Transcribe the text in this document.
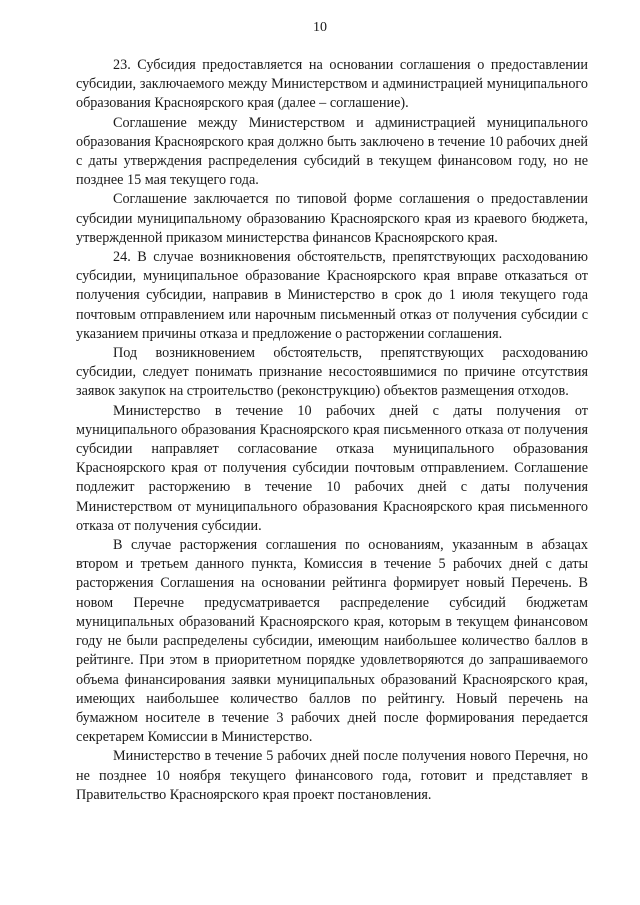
10

23. Субсидия предоставляется на основании соглашения о предоставлении субсидии, заключаемого между Министерством и администрацией муниципального образования Красноярского края (далее – соглашение).

Соглашение между Министерством и администрацией муниципального образования Красноярского края должно быть заключено в течение 10 рабочих дней с даты утверждения распределения субсидий в текущем финансовом году, но не позднее 15 мая текущего года.

Соглашение заключается по типовой форме соглашения о предоставлении субсидии муниципальному образованию Красноярского края из краевого бюджета, утвержденной приказом министерства финансов Красноярского края.

24. В случае возникновения обстоятельств, препятствующих расходованию субсидии, муниципальное образование Красноярского края вправе отказаться от получения субсидии, направив в Министерство в срок до 1 июля текущего года почтовым отправлением или нарочным письменный отказ от получения субсидии с указанием причины отказа и предложение о расторжении соглашения.

Под возникновением обстоятельств, препятствующих расходованию субсидии, следует понимать признание несостоявшимися по причине отсутствия заявок закупок на строительство (реконструкцию) объектов размещения отходов.

Министерство в течение 10 рабочих дней с даты получения от муниципального образования Красноярского края письменного отказа от получения субсидии направляет согласование отказа муниципального образования Красноярского края от получения субсидии почтовым отправлением. Соглашение подлежит расторжению в течение 10 рабочих дней с даты получения Министерством от муниципального образования Красноярского края письменного отказа от получения субсидии.

В случае расторжения соглашения по основаниям, указанным в абзацах втором и третьем данного пункта, Комиссия в течение 5 рабочих дней с даты расторжения Соглашения на основании рейтинга формирует новый Перечень. В новом Перечне предусматривается распределение субсидий бюджетам муниципальных образований Красноярского края, которым в текущем финансовом году не были распределены субсидии, имеющим наибольшее количество баллов в рейтинге. При этом в приоритетном порядке удовлетворяются до запрашиваемого объема финансирования заявки муниципальных образований Красноярского края, имеющих наибольшее количество баллов по рейтингу. Новый перечень на бумажном носителе в течение 3 рабочих дней после формирования передается секретарем Комиссии в Министерство.

Министерство в течение 5 рабочих дней после получения нового Перечня, но не позднее 10 ноября текущего финансового года, готовит и представляет в Правительство Красноярского края проект постановления.
